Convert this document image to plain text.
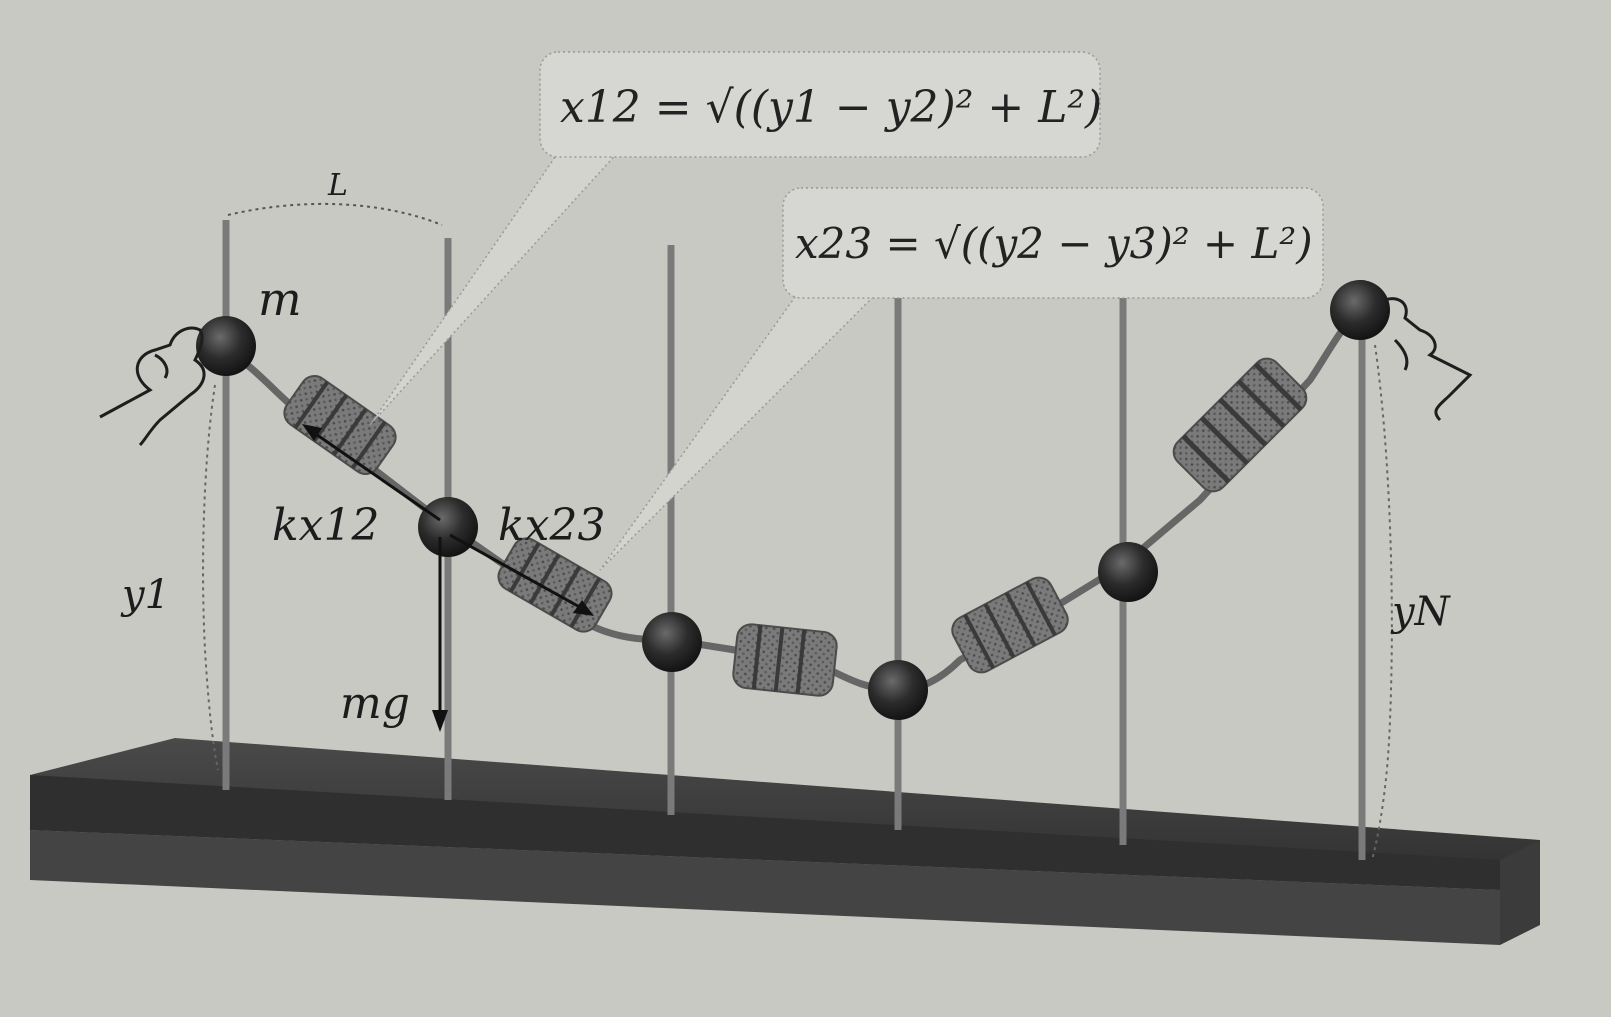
x12 = √((y1 − y2)² + L²)
x23 = √((y2 − y3)² + L²)
L
m
kx12	kx23
mg
y1	yN
